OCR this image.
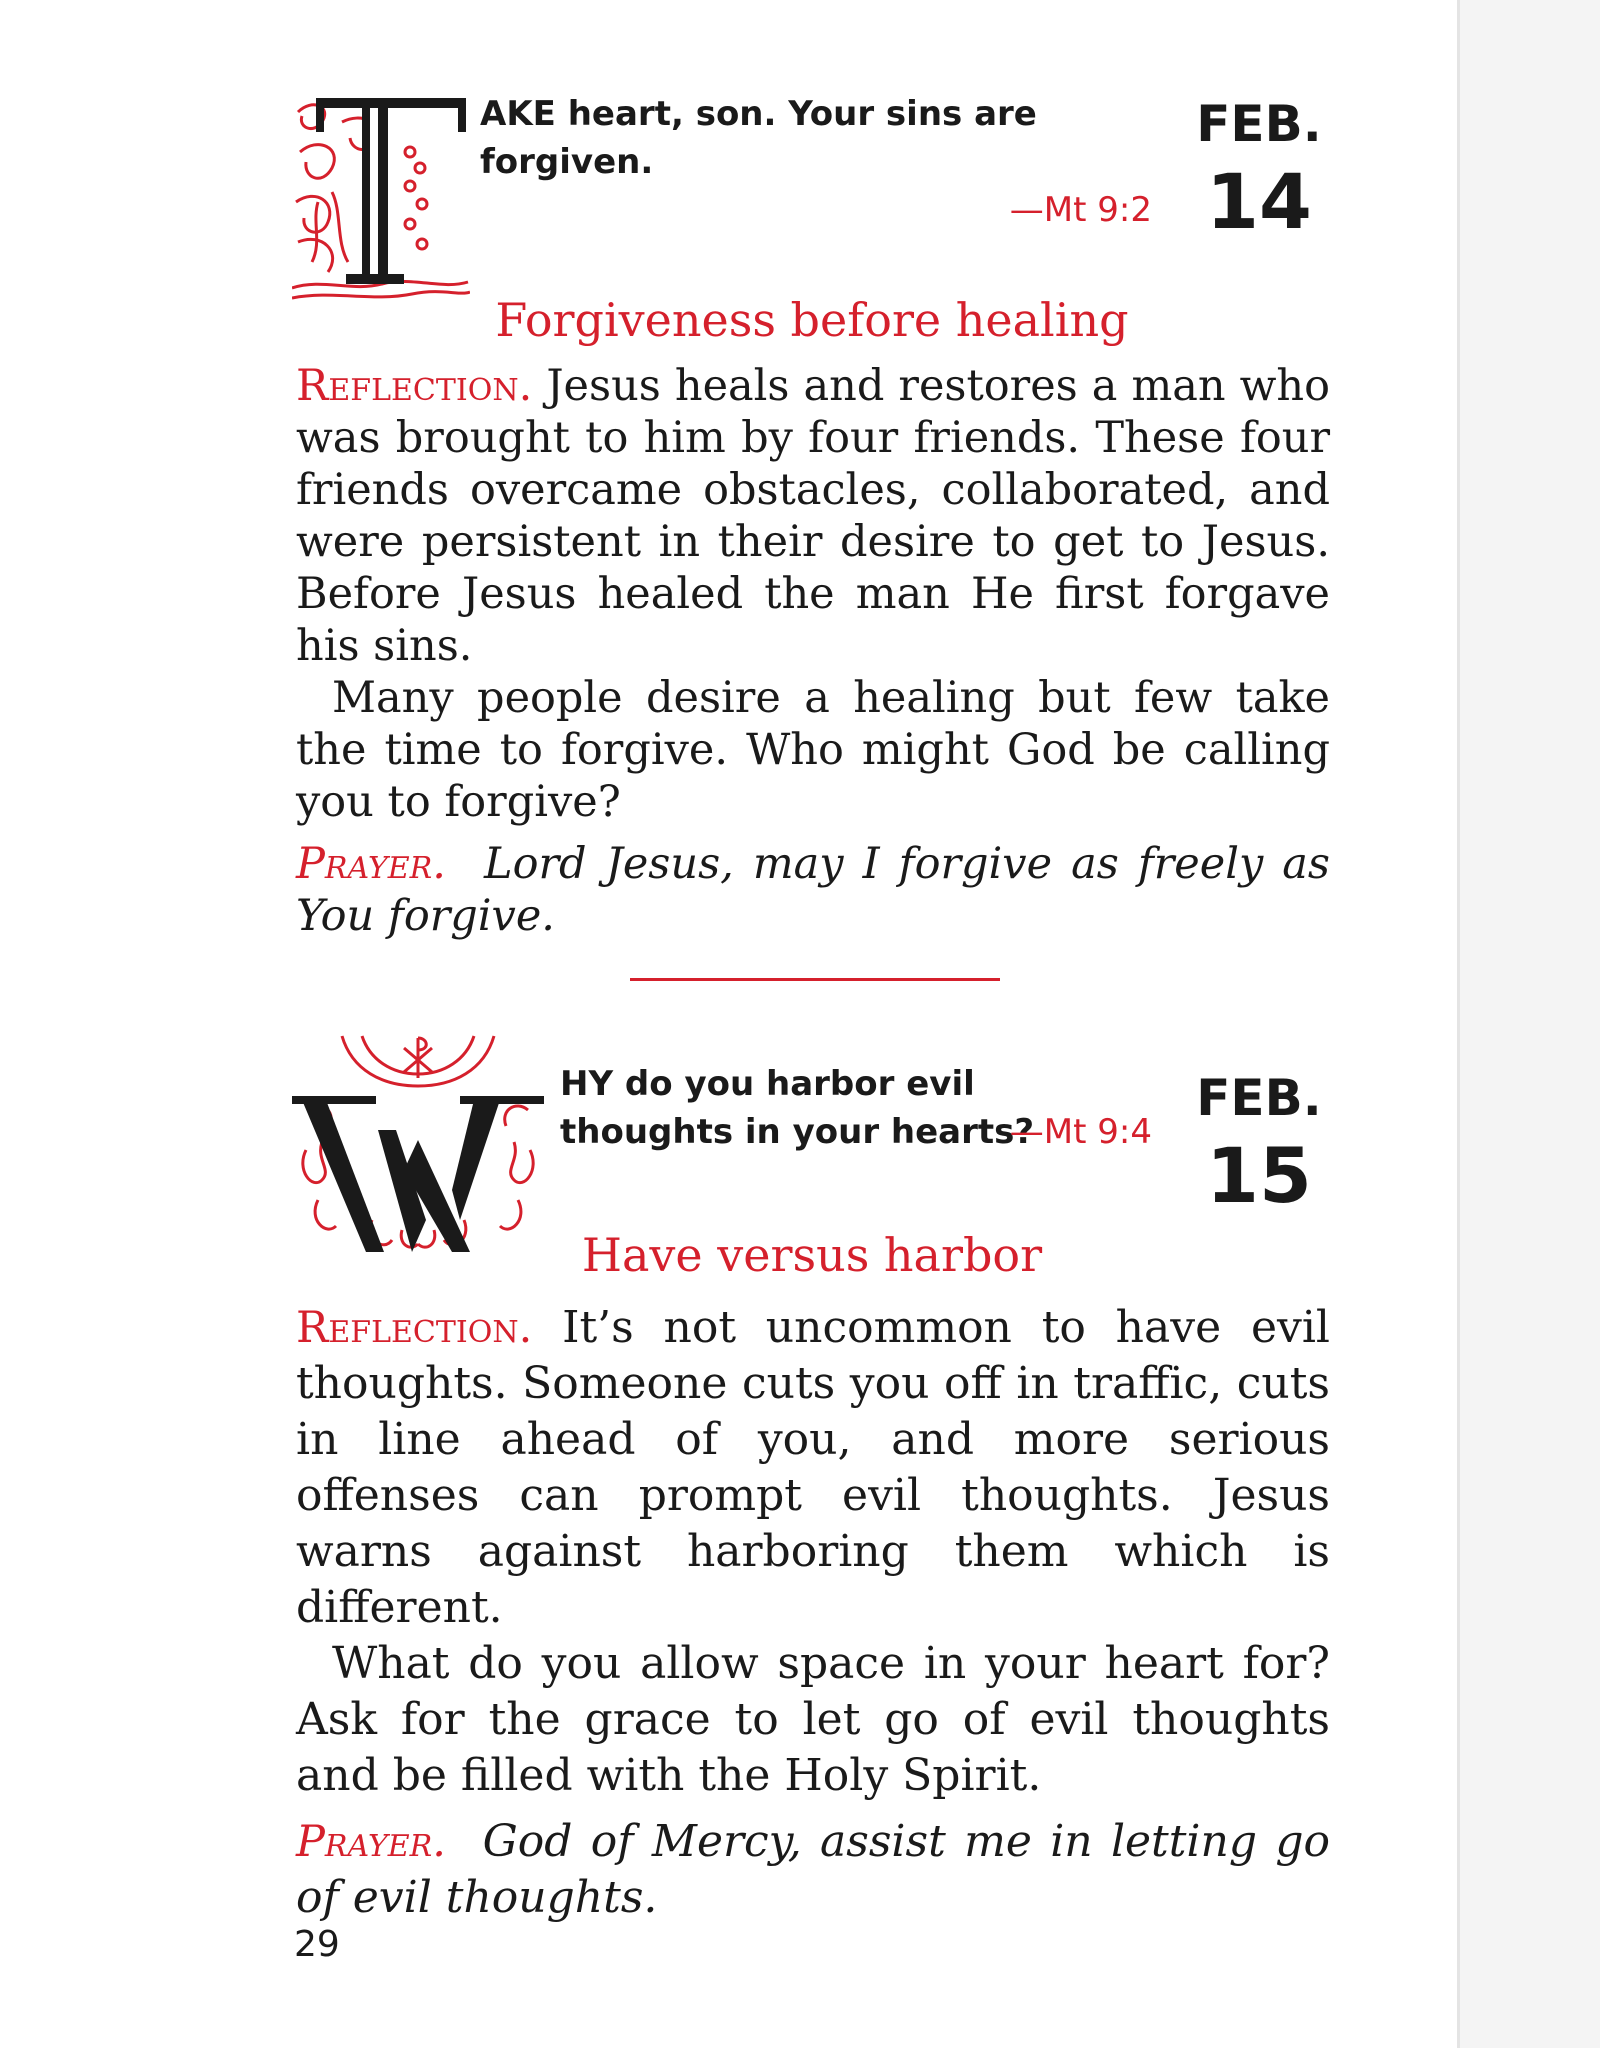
AKE heart, son. Your sins are forgiven.
—Mt 9:2
FEB.
14
Forgiveness before healing

Reflection. Jesus heals and restores a man who was brought to him by four friends. These four friends overcame obstacles, collaborated, and were persistent in their desire to get to Jesus. Before Jesus healed the man He first forgave his sins.

Many people desire a healing but few take the time to forgive. Who might God be calling you to forgive?

Prayer. Lord Jesus, may I forgive as freely as You forgive.

HY do you harbor evil thoughts in your hearts?
—Mt 9:4
FEB.
15
Have versus harbor

Reflection. It’s not uncommon to have evil thoughts. Someone cuts you off in traffic, cuts in line ahead of you, and more serious offenses can prompt evil thoughts. Jesus warns against harboring them which is different.

What do you allow space in your heart for? Ask for the grace to let go of evil thoughts and be filled with the Holy Spirit.

Prayer. God of Mercy, assist me in letting go of evil thoughts.

29
